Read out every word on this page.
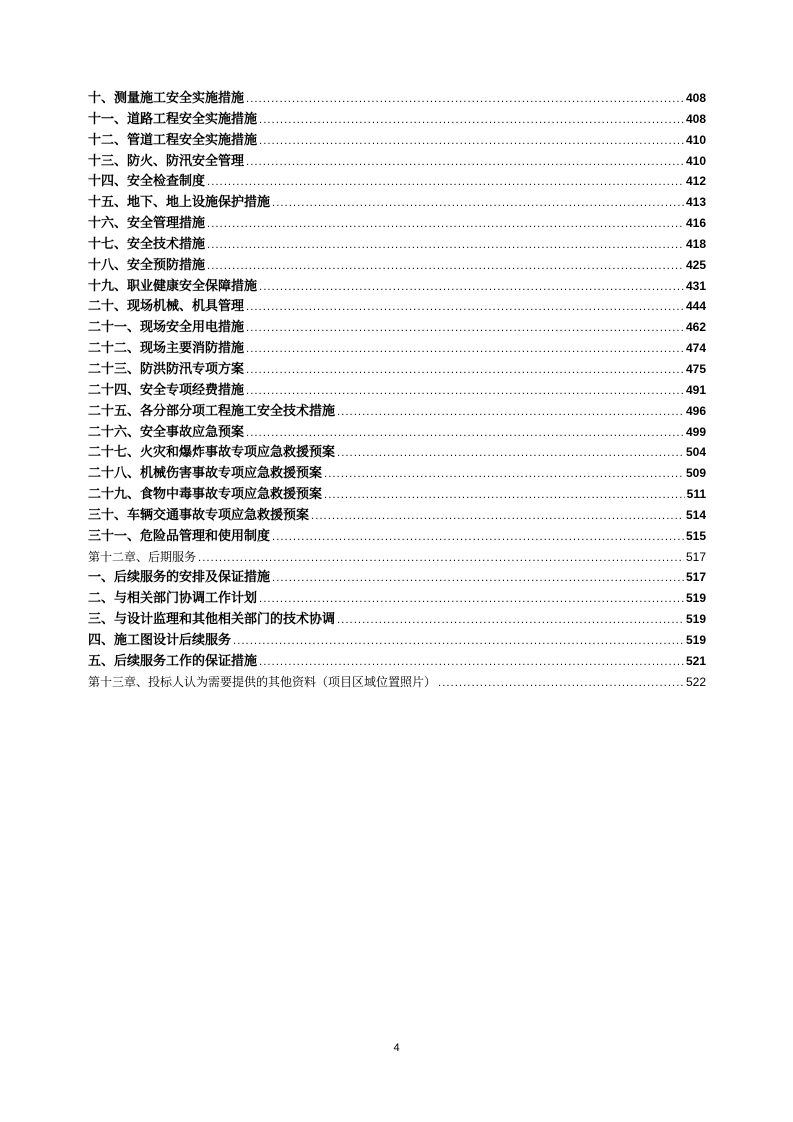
十、测量施工安全实施措施 .....	408
十一、道路工程安全实施措施 .....	408
十二、管道工程安全实施措施 .....	410
十三、防火、防汛安全管理 .....	410
十四、安全检查制度 .....	412
十五、地下、地上设施保护措施 .....	413
十六、安全管理措施 .....	416
十七、安全技术措施 .....	418
十八、安全预防措施 .....	425
十九、职业健康安全保障措施 .....	431
二十、现场机械、机具管理 .....	444
二十一、现场安全用电措施 .....	462
二十二、现场主要消防措施 .....	474
二十三、防洪防汛专项方案 .....	475
二十四、安全专项经费措施 .....	491
二十五、各分部分项工程施工安全技术措施 .....	496
二十六、安全事故应急预案 .....	499
二十七、火灾和爆炸事故专项应急救援预案 .....	504
二十八、机械伤害事故专项应急救援预案 .....	509
二十九、食物中毒事故专项应急救援预案 .....	511
三十、车辆交通事故专项应急救援预案 .....	514
三十一、危险品管理和使用制度 .....	515
第十二章、后期服务 .....	517
一、后续服务的安排及保证措施 .....	517
二、与相关部门协调工作计划 .....	519
三、与设计监理和其他相关部门的技术协调 .....	519
四、施工图设计后续服务 .....	519
五、后续服务工作的保证措施 .....	521
第十三章、投标人认为需要提供的其他资料（项目区域位置照片） .....	522
4
